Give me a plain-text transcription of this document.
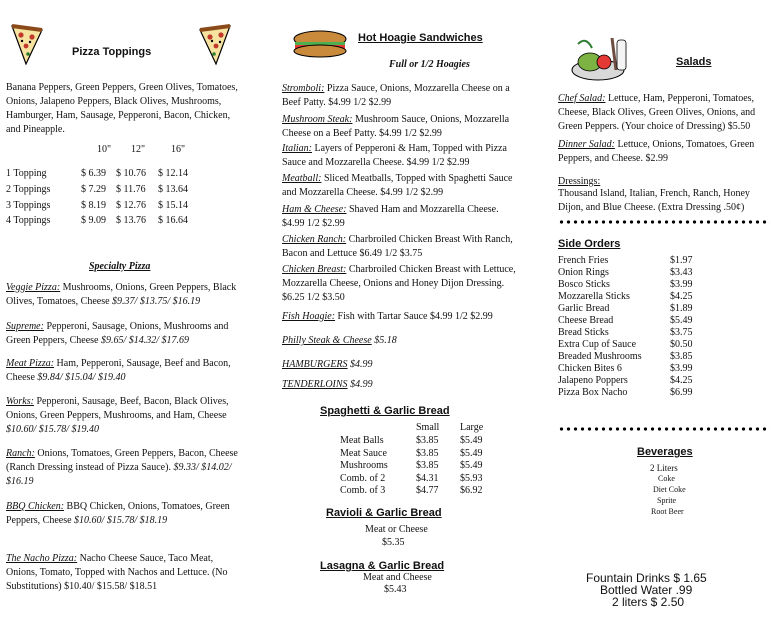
Pizza Toppings
Banana Peppers, Green Peppers, Green Olives, Tomatoes, Onions, Jalapeno Peppers, Black Olives, Mushrooms, Hamburger, Ham, Sausage, Pepperoni, Bacon, Chicken, and Pineapple.
10" 12"	16"
1 Topping	$ 6.39 $ 10.76 $ 12.14
2 Toppings	$ 7.29 $ 11.76 $ 13.64
3 Toppings	$ 8.19 $ 12.76 $ 15.14
4 Toppings	$ 9.09 $ 13.76 $ 16.64
Specialty Pizza
Veggie Pizza: Mushrooms, Onions, Green Peppers, Black Olives, Tomatoes, Cheese $9.37/ $13.75/ $16.19
Supreme: Pepperoni, Sausage, Onions, Mushrooms and Green Peppers, Cheese $9.65/ $14.32/ $17.69
Meat Pizza: Ham, Pepperoni, Sausage, Beef and Bacon, Cheese $9.84/ $15.04/ $19.40
Works: Pepperoni, Sausage, Beef, Bacon, Black Olives, Onions, Green Peppers, Mushrooms, and Ham, Cheese $10.60/ $15.78/ $19.40
Ranch: Onions, Tomatoes, Green Peppers, Bacon, Cheese (Ranch Dressing instead of Pizza Sauce). $9.33/ $14.02/ $16.19
BBQ Chicken: BBQ Chicken, Onions, Tomatoes, Green Peppers, Cheese $10.60/ $15.78/ $18.19
The Nacho Pizza: Nacho Cheese Sauce, Taco Meat, Onions, Tomato, Topped with Nachos and Lettuce. (No Substitutions) $10.40/ $15.58/ $18.51
Hot Hoagie Sandwiches
Full or 1/2 Hoagies
Stromboli: Pizza Sauce, Onions, Mozzarella Cheese on a Beef Patty. $4.99 1/2 $2.99
Mushroom Steak: Mushroom Sauce, Onions, Mozzarella Cheese on a Beef Patty. $4.99 1/2 $2.99
Italian: Layers of Pepperoni & Ham, Topped with Pizza Sauce and Mozzarella Cheese. $4.99 1/2 $2.99
Meatball: Sliced Meatballs, Topped with Spaghetti Sauce and Mozzarella Cheese. $4.99 1/2 $2.99
Ham & Cheese: Shaved Ham and Mozzarella Cheese. $4.99 1/2 $2.99
Chicken Ranch: Charbroiled Chicken Breast With Ranch, Bacon and Lettuce $6.49 1/2 $3.75
Chicken Breast: Charbroiled Chicken Breast with Lettuce, Mozzarella Cheese, Onions and Honey Dijon Dressing. $6.25 1/2 $3.50
Fish Hoagie: Fish with Tartar Sauce $4.99 1/2 $2.99
Philly Steak & Cheese $5.18
HAMBURGERS $4.99
TENDERLOINS $4.99
Spaghetti & Garlic Bread
Small Large
Meat Balls	$3.85 $5.49
Meat Sauce	$3.85 $5.49
Mushrooms	$3.85 $5.49
Comb. of 2	$4.31 $5.93
Comb. of 3	$4.77 $6.92
Ravioli & Garlic Bread
Meat or Cheese
$5.35
Lasagna & Garlic Bread
Meat and Cheese
$5.43
Salads
Chef Salad: Lettuce, Ham, Pepperoni, Tomatoes, Cheese, Black Olives, Green Olives, Onions, and Green Peppers. (Your choice of Dressing) $5.50
Dinner Salad: Lettuce, Onions, Tomatoes, Green Peppers, and Cheese. $2.99
Dressings:
Thousand Island, Italian, French, Ranch, Honey Dijon, and Blue Cheese. (Extra Dressing .50¢)
Side Orders
French Fries	$1.97
Onion Rings	$3.43
Bosco Sticks	$3.99
Mozzarella Sticks	$4.25
Garlic Bread	$1.89
Cheese Bread	$5.49
Bread Sticks	$3.75
Extra Cup of Sauce	$0.50
Breaded Mushrooms	$3.85
Chicken Bites 6	$3.99
Jalapeno Poppers	$4.25
Pizza Box Nacho	$6.99
Beverages
2 Liters
Coke
Diet Coke
Sprite
Root Beer
Fountain Drinks $ 1.65
Bottled Water .99
2 liters $ 2.50
